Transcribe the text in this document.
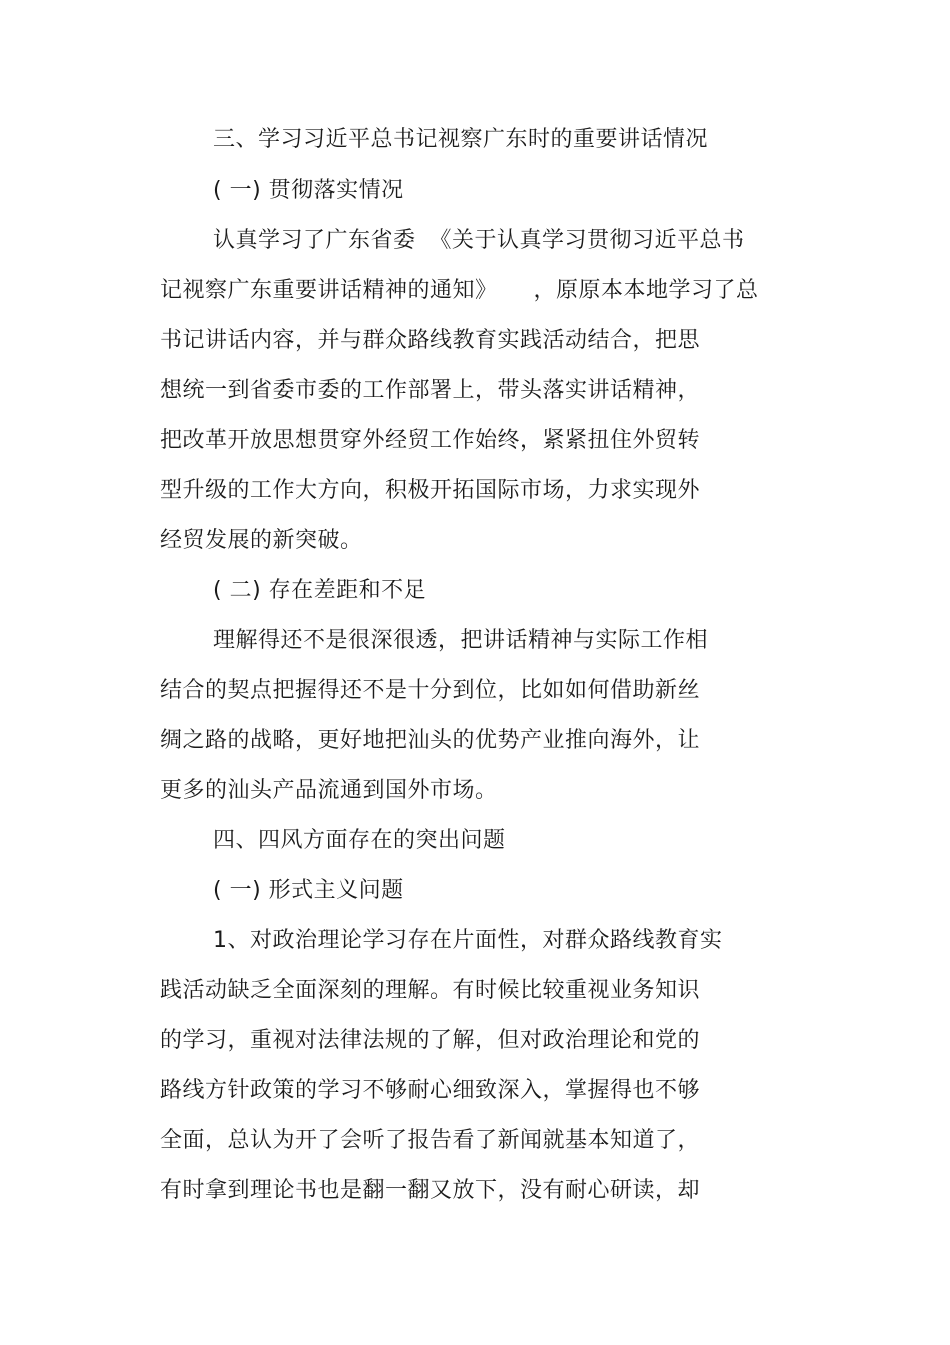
三、学习习近平总书记视察广东时的重要讲话情况
( 一) 贯彻落实情况
认真学习了广东省委 《关于认真学习贯彻习近平总书
记视察广东重要讲话精神的通知》 ，原原本本地学习了总
书记讲话内容，并与群众路线教育实践活动结合，把思
想统一到省委市委的工作部署上，带头落实讲话精神，
把改革开放思想贯穿外经贸工作始终，紧紧扭住外贸转
型升级的工作大方向，积极开拓国际市场，力求实现外
经贸发展的新突破。
( 二) 存在差距和不足
理解得还不是很深很透，把讲话精神与实际工作相
结合的契点把握得还不是十分到位，比如如何借助新丝
绸之路的战略，更好地把汕头的优势产业推向海外，让
更多的汕头产品流通到国外市场。
四、四风方面存在的突出问题
( 一) 形式主义问题
1、对政治理论学习存在片面性，对群众路线教育实
践活动缺乏全面深刻的理解。有时候比较重视业务知识
的学习，重视对法律法规的了解，但对政治理论和党的
路线方针政策的学习不够耐心细致深入，掌握得也不够
全面，总认为开了会听了报告看了新闻就基本知道了，
有时拿到理论书也是翻一翻又放下，没有耐心研读，却
